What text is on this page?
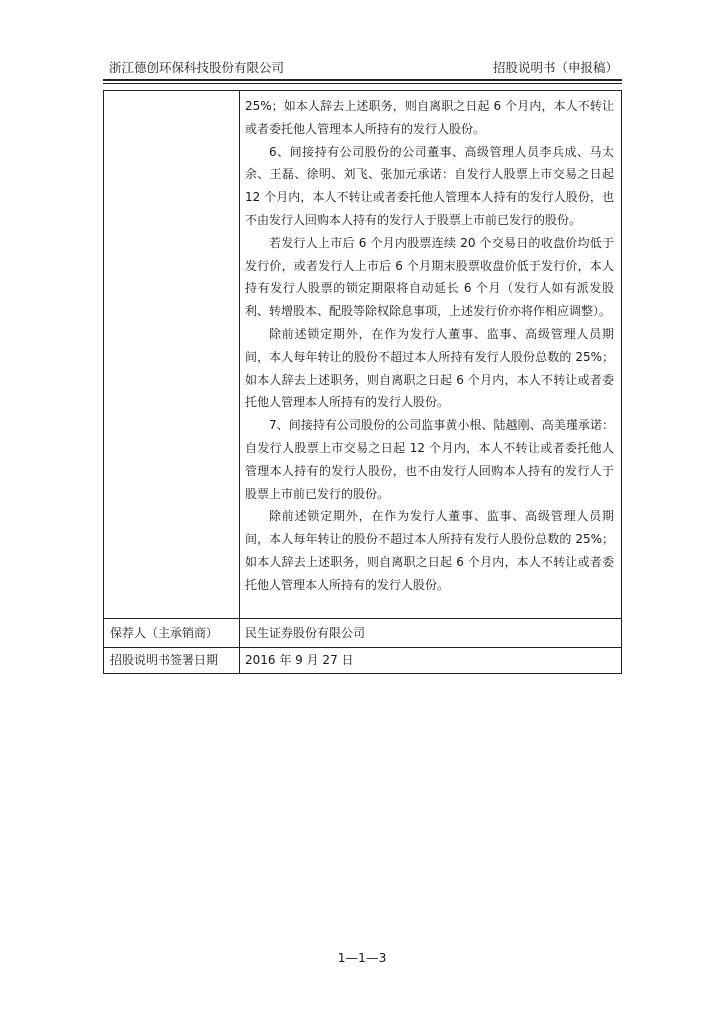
浙江德创环保科技股份有限公司	招股说明书（申报稿）

25%；如本人辞去上述职务，则自离职之日起 6 个月内，本人不转让或者委托他人管理本人所持有的发行人股份。

6、间接持有公司股份的公司董事、高级管理人员李兵成、马太余、王磊、徐明、刘飞、张加元承诺：自发行人股票上市交易之日起 12 个月内，本人不转让或者委托他人管理本人持有的发行人股份，也不由发行人回购本人持有的发行人于股票上市前已发行的股份。

若发行人上市后 6 个月内股票连续 20 个交易日的收盘价均低于发行价，或者发行人上市后 6 个月期末股票收盘价低于发行价，本人持有发行人股票的锁定期限将自动延长 6 个月（发行人如有派发股利、转增股本、配股等除权除息事项，上述发行价亦将作相应调整）。

除前述锁定期外，在作为发行人董事、监事、高级管理人员期间，本人每年转让的股份不超过本人所持有发行人股份总数的 25%；如本人辞去上述职务，则自离职之日起 6 个月内，本人不转让或者委托他人管理本人所持有的发行人股份。

7、间接持有公司股份的公司监事黄小根、陆越刚、高美瑾承诺：自发行人股票上市交易之日起 12 个月内，本人不转让或者委托他人管理本人持有的发行人股份，也不由发行人回购本人持有的发行人于股票上市前已发行的股份。

除前述锁定期外，在作为发行人董事、监事、高级管理人员期间，本人每年转让的股份不超过本人所持有发行人股份总数的 25%；如本人辞去上述职务，则自离职之日起 6 个月内，本人不转让或者委托他人管理本人所持有的发行人股份。

保荐人（主承销商） 民生证券股份有限公司
招股说明书签署日期 2016 年 9 月 27 日
1—1—3
